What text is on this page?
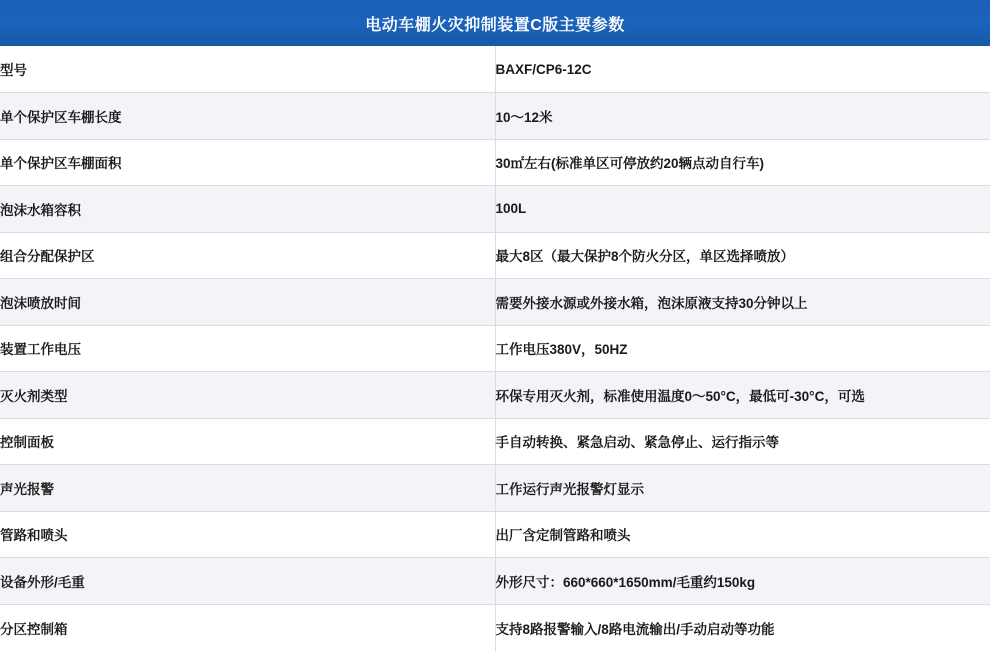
电动车棚火灾抑制装置C版主要参数	
型号	BAXF/CP6-12C
单个保护区车棚长度	10～12米
单个保护区车棚面积	30㎡左右(标准单区可停放约20辆点动自行车)
泡沫水箱容积	100L
组合分配保护区	最大8区（最大保护8个防火分区，单区选择喷放）
泡沫喷放时间	需要外接水源或外接水箱，泡沫原液支持30分钟以上
装置工作电压	工作电压380V，50HZ
灭火剂类型	环保专用灭火剂，标准使用温度0～50°C，最低可-30°C，可选
控制面板	手自动转换、紧急启动、紧急停止、运行指示等
声光报警	工作运行声光报警灯显示
管路和喷头	出厂含定制管路和喷头
设备外形/毛重	外形尺寸：660*660*1650mm/毛重约150kg
分区控制箱	支持8路报警输入/8路电流输出/手动启动等功能
